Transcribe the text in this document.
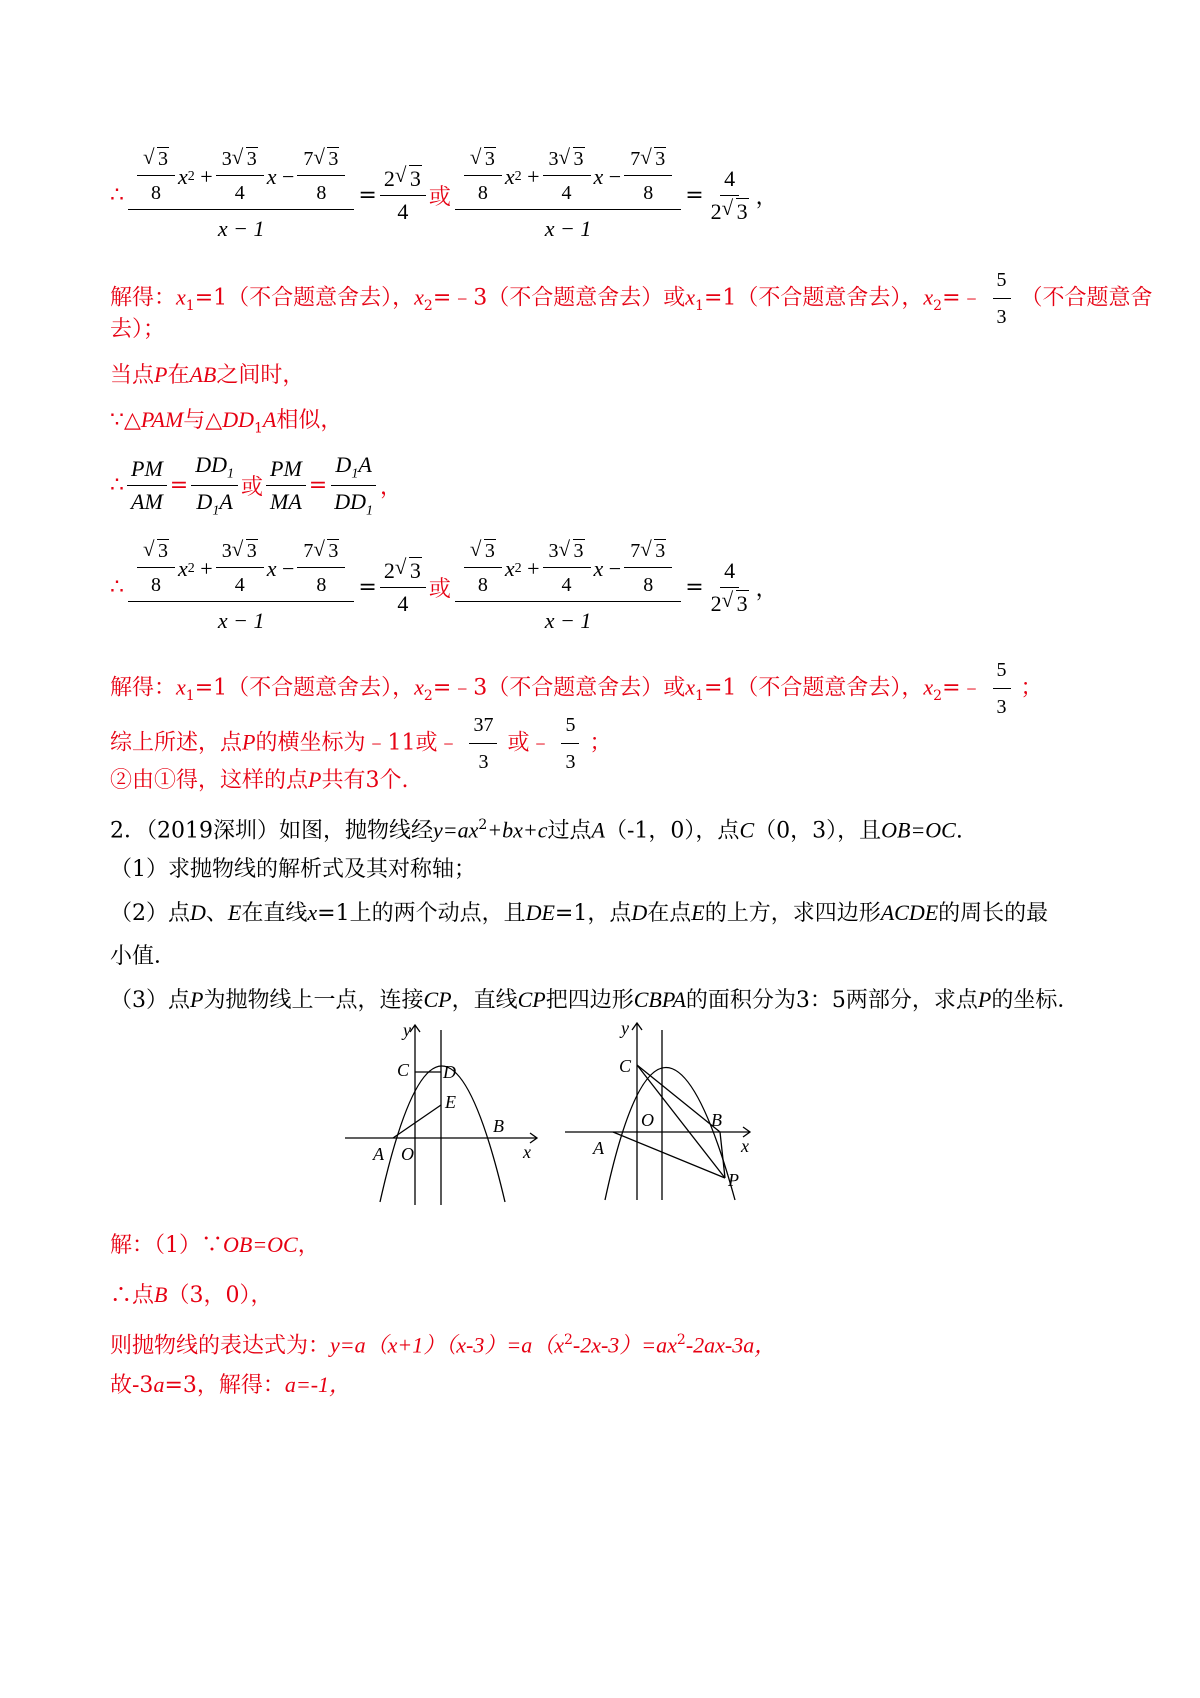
∴ √ $\frac{3}{8}$ x 2
+ $\frac{3 √ 3}{4}$ x
− $\frac{7 √ 3}{8}$
$x - 1 = \frac{2 √ 3}{4}$ 或 √ $\frac{3}{8}$ x 2
+ $\frac{3 √ 3}{4}$ x
− $\frac{7 √ 3}{8}$
$x - 1 = \frac{4}{2 √ 3}$ ，
解得：$x_1=1$（不合题意舍去），$x_2=﹣3$（不合题意舍去）或$x_1=1$（不合题意舍去），$x_2=﹣ \frac{5}{3}$ （不合题意舍
去）；
当点P在AB之间时，
∵△PAM与$\triangle DD_1A$相似，
∴ $\frac{PM}{AM} = \frac{DD_1}{D_1A}$ 或 $\frac{PM}{MA} = \frac{D_1A}{DD_1}$ ，
∴ √ $\frac{3}{8}$ x 2
+ $\frac{3 √ 3}{4}$ x
− $\frac{7 √ 3}{8}$
$x - 1 = \frac{2 √ 3}{4}$ 或 √ $\frac{3}{8}$ x 2
+ $\frac{3 √ 3}{4}$ x
− $\frac{7 √ 3}{8}$
$x - 1 = \frac{4}{2 √ 3}$ ，
解得：$x_1=1$（不合题意舍去），$x_2=﹣3$（不合题意舍去）或$x_1=1$（不合题意舍去），$x_2=﹣ \frac{5}{3}$ ；
综上所述，点P的横坐标为﹣11或﹣ $\frac{37}{3}$ 或﹣ $\frac{5}{3}$ ；
②由①得，这样的点P共有3个.
2．（2019深圳）如图，抛物线经$y=ax^2+bx+c$过点A（-1，0），点C（0，3），且OB=OC.
（1）求抛物线的解析式及其对称轴；
（2）点D、E在直线x=1上的两个动点，且DE=1，点D在点E的上方，求四边形ACDE的周长的最
小值．
（3）点P为抛物线上一点，连接CP，直线CP把四边形CBPA的面积分为3：5两部分，求点P的坐标．
y
x
C D
E
A O
B
y
x
C
A
O	B
P
解：（1）∵OB=OC，
∴点B（3，0），
则抛物线的表达式为：$y=a(x+1)(x-3)=a(x^2-2x-3)=ax^2-2ax-3a$，
故-3a=3，解得：a=-1，
